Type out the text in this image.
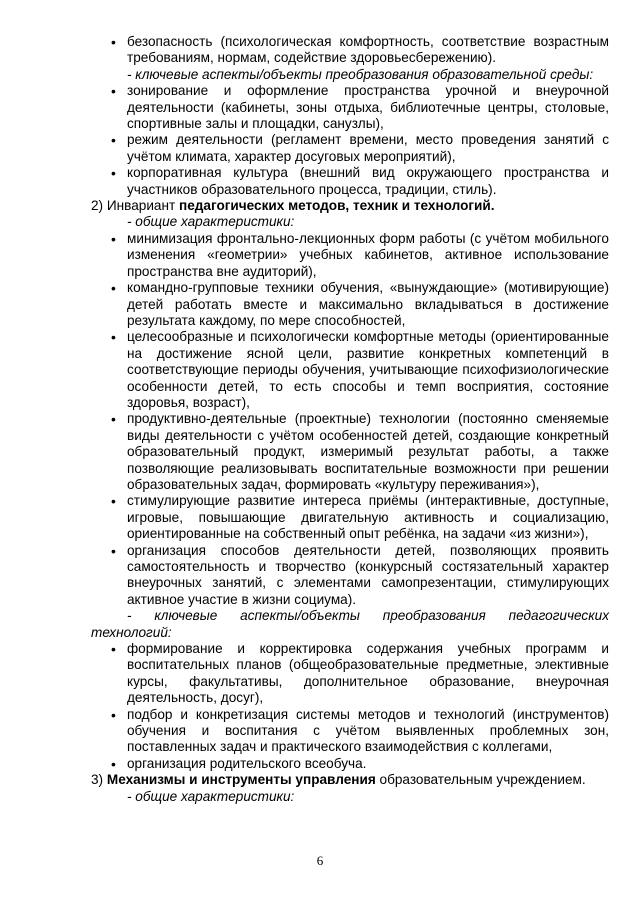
• безопасность (психологическая комфортность, соответствие возрастным требованиям, нормам, содействие здоровьесбережению).
- ключевые аспекты/объекты преобразования образовательной среды:
• зонирование и оформление пространства урочной и внеурочной деятельности (кабинеты, зоны отдыха, библиотечные центры, столовые, спортивные залы и площадки, санузлы),
• режим деятельности (регламент времени, место проведения занятий с учётом климата, характер досуговых мероприятий),
• корпоративная культура (внешний вид окружающего пространства и участников образовательного процесса, традиции, стиль).
2) Инвариант педагогических методов, техник и технологий.
- общие характеристики:
• минимизация фронтально-лекционных форм работы (с учётом мобильного изменения «геометрии» учебных кабинетов, активное использование пространства вне аудиторий),
• командно-групповые техники обучения, «вынуждающие» (мотивирующие) детей работать вместе и максимально вкладываться в достижение результата каждому, по мере способностей,
• целесообразные и психологически комфортные методы (ориентированные на достижение ясной цели, развитие конкретных компетенций в соответствующие периоды обучения, учитывающие психофизиологические особенности детей, то есть способы и темп восприятия, состояние здоровья, возраст),
• продуктивно-деятельные (проектные) технологии (постоянно сменяемые виды деятельности с учётом особенностей детей, создающие конкретный образовательный продукт, измеримый результат работы, а также позволяющие реализовывать воспитательные возможности при решении образовательных задач, формировать «культуру переживания»),
• стимулирующие развитие интереса приёмы (интерактивные, доступные, игровые, повышающие двигательную активность и социализацию, ориентированные на собственный опыт ребёнка, на задачи «из жизни»),
• организация способов деятельности детей, позволяющих проявить самостоятельность и творчество (конкурсный состязательный характер внеурочных занятий, с элементами самопрезентации, стимулирующих активное участие в жизни социума).
- ключевые аспекты/объекты преобразования педагогических технологий:
• формирование и корректировка содержания учебных программ и воспитательных планов (общеобразовательные предметные, элективные курсы, факультативы, дополнительное образование, внеурочная деятельность, досуг),
• подбор и конкретизация системы методов и технологий (инструментов) обучения и воспитания с учётом выявленных проблемных зон, поставленных задач и практического взаимодействия с коллегами,
• организация родительского всеобуча.
3) Механизмы и инструменты управления образовательным учреждением.
- общие характеристики:
6
